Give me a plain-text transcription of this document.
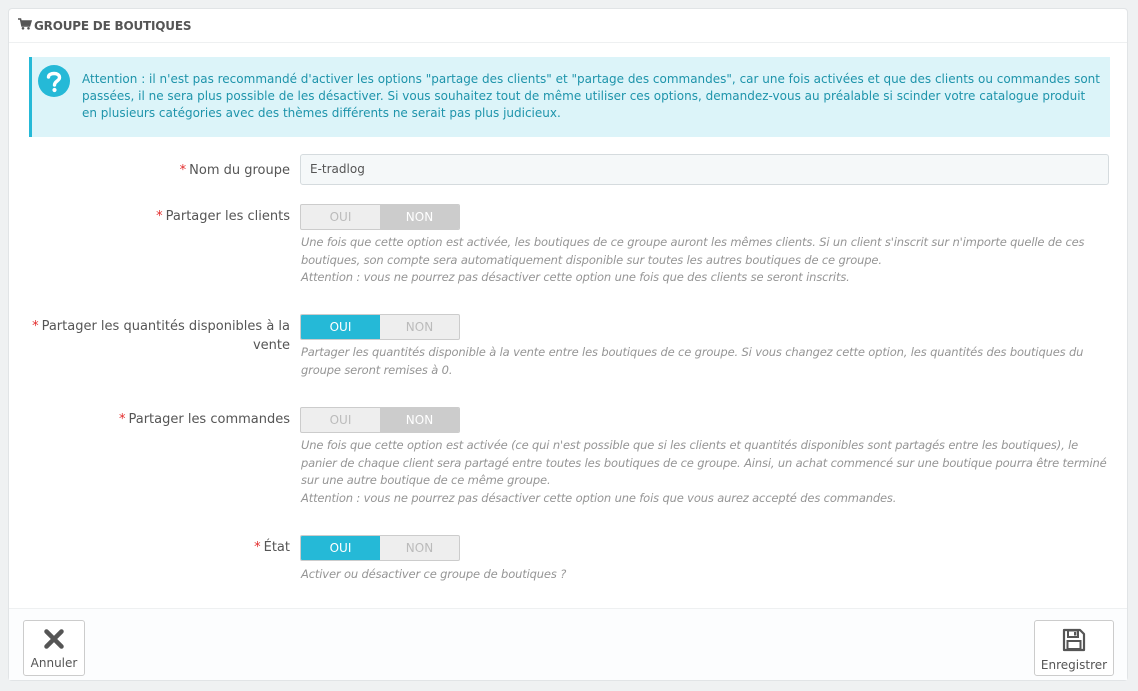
GROUPE DE BOUTIQUES
Attention : il n'est pas recommandé d'activer les options "partage des clients" et "partage des commandes", car une fois activées et que des clients ou commandes sont passées, il ne sera plus possible de les désactiver. Si vous souhaitez tout de même utiliser ces options, demandez-vous au préalable si scinder votre catalogue produit en plusieurs catégories avec des thèmes différents ne serait pas plus judicieux.
* Nom du groupe	E-tradlog
* Partager les clients	OUI	NON

Une fois que cette option est activée, les boutiques de ce groupe auront les mêmes clients. Si un client s'inscrit sur n'importe quelle de ces boutiques, son compte sera automatiquement disponible sur toutes les autres boutiques de ce groupe.

Attention : vous ne pourrez pas désactiver cette option une fois que des clients se seront inscrits.

* Partager les quantités disponibles à la vente
OUI	NON

Partager les quantités disponible à la vente entre les boutiques de ce groupe. Si vous changez cette option, les quantités des boutiques du groupe seront remises à 0.

* Partager les commandes	OUI	NON

Une fois que cette option est activée (ce qui n'est possible que si les clients et quantités disponibles sont partagés entre les boutiques), le panier de chaque client sera partagé entre toutes les boutiques de ce groupe. Ainsi, un achat commencé sur une boutique pourra être terminé sur une autre boutique de ce même groupe.

Attention : vous ne pourrez pas désactiver cette option une fois que vous aurez accepté des commandes.

* État	OUI	NON

Activer ou désactiver ce groupe de boutiques ?

Annuler	Enregistrer
